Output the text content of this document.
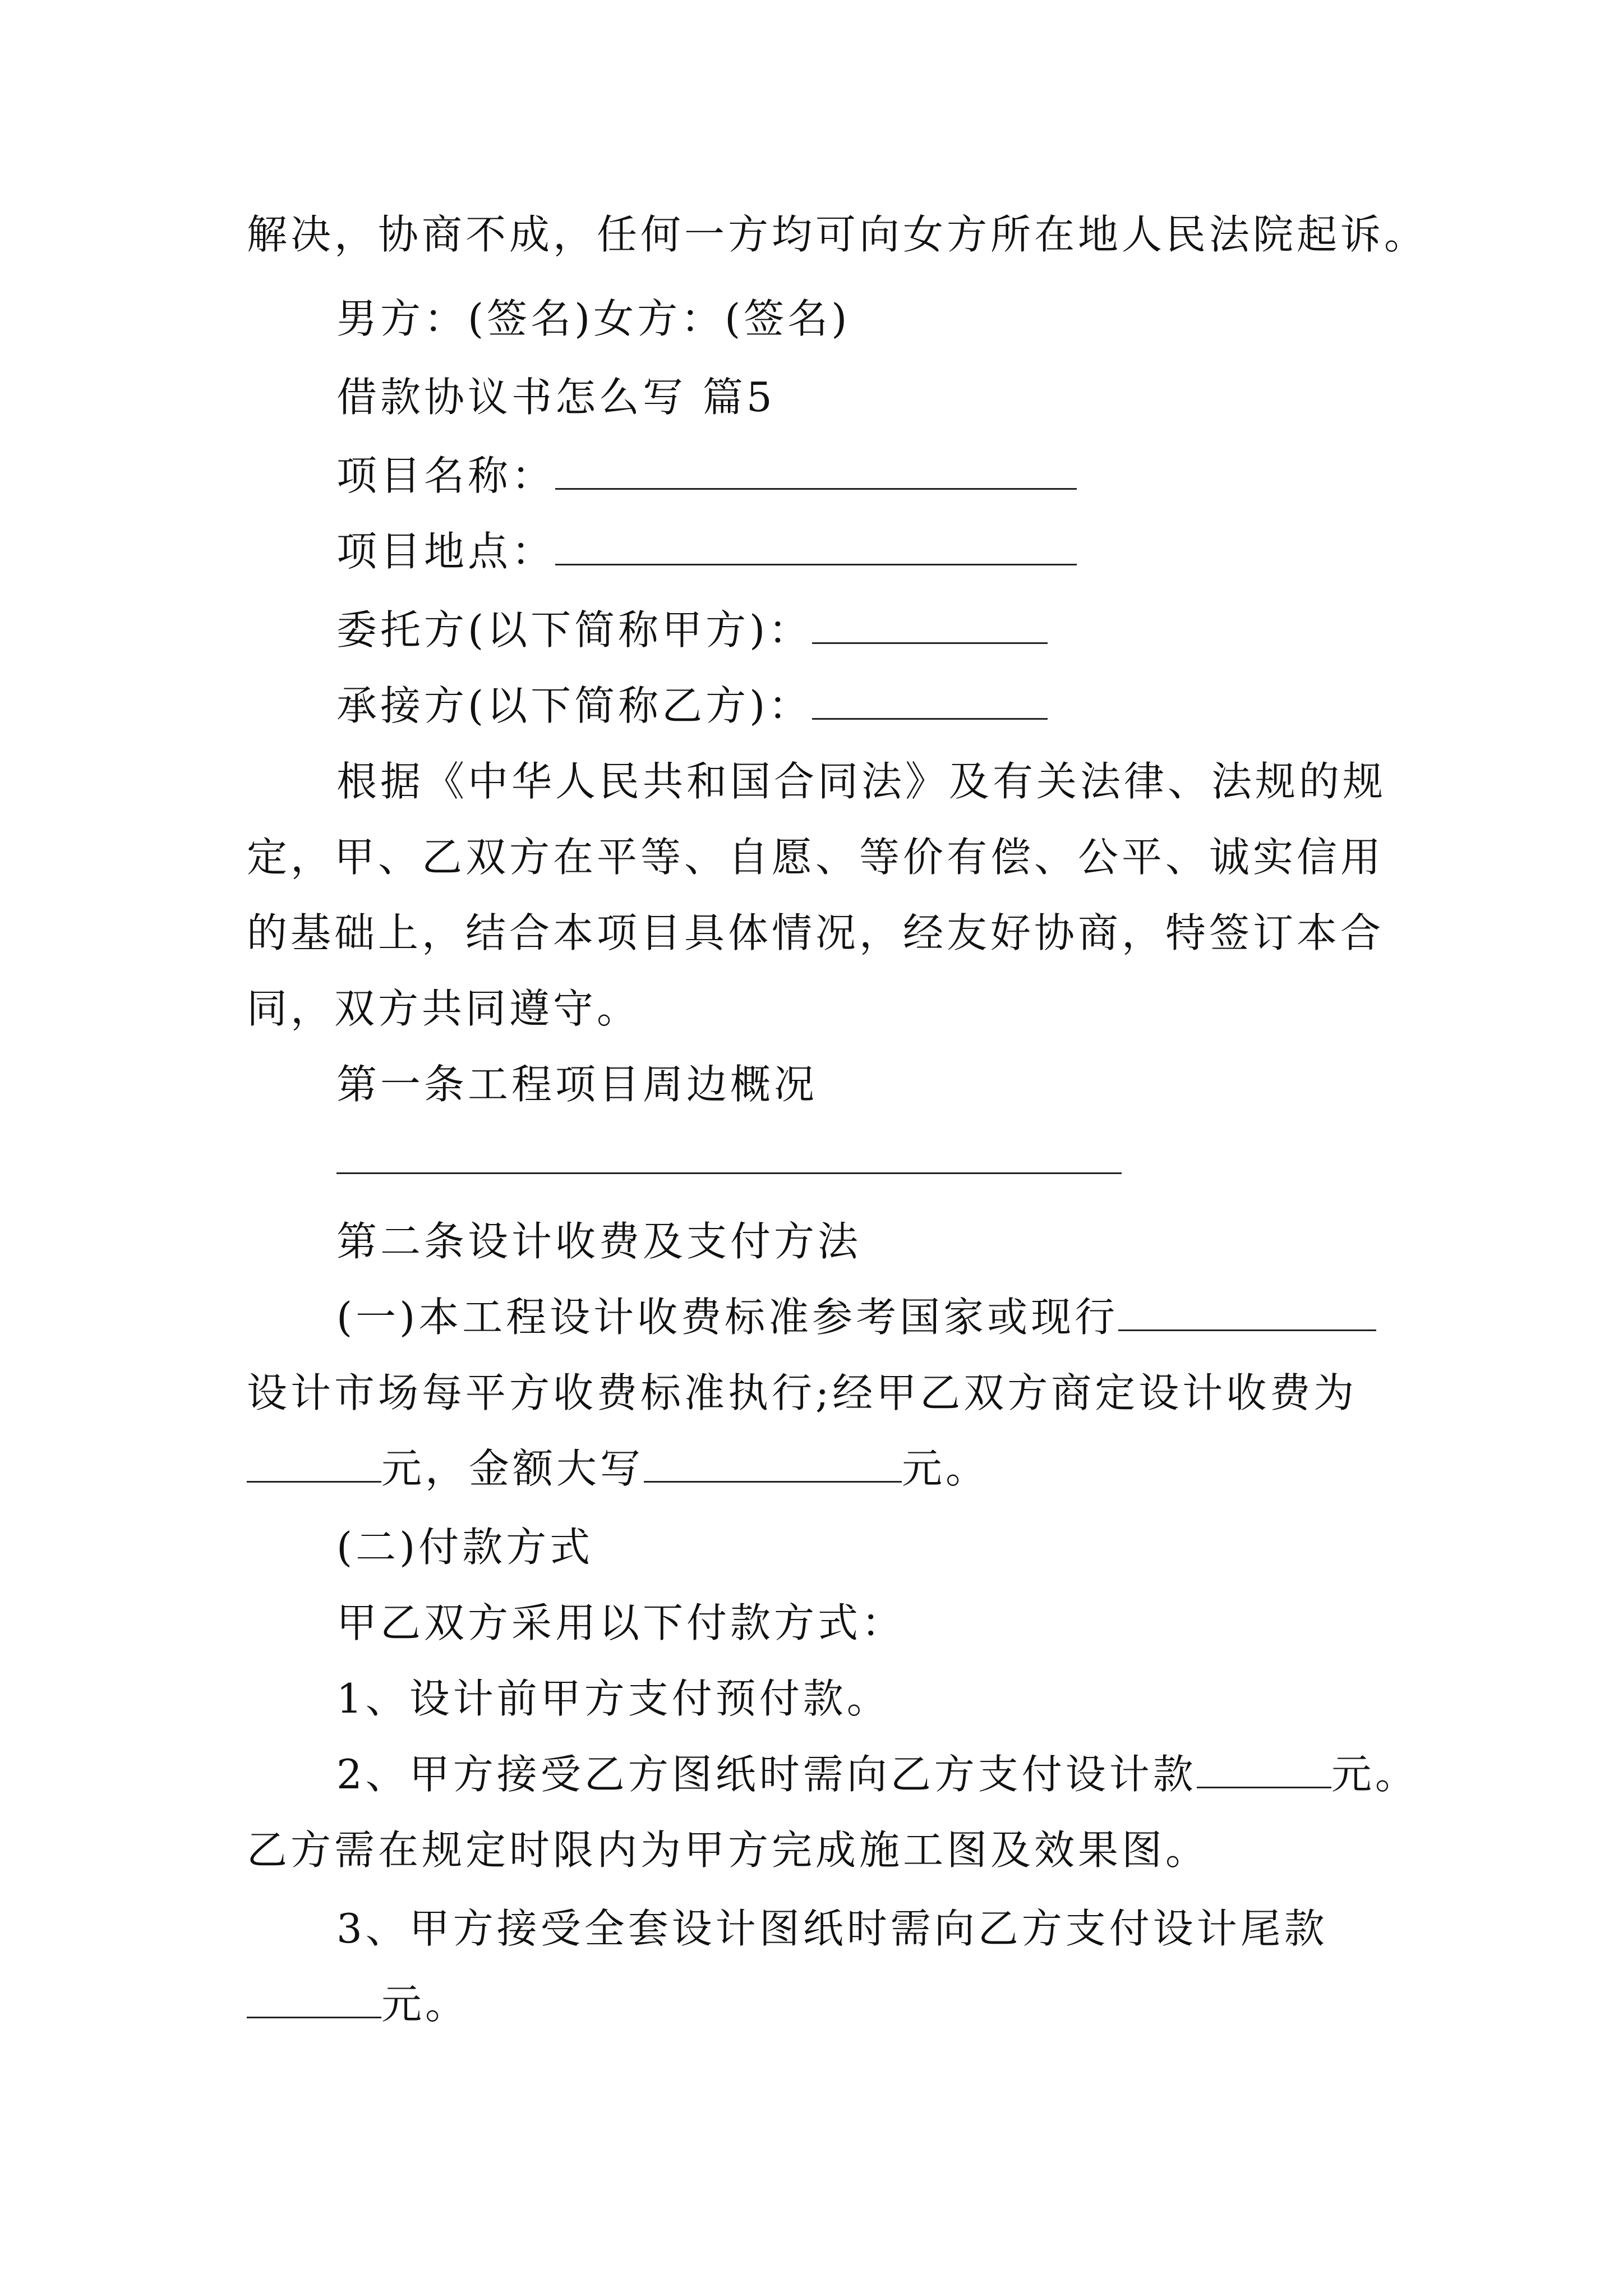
解决，协商不成，任何一方均可向女方所在地人民法院起诉。
男方：(签名)女方：(签名)
借款协议书怎么写 篇5
项目名称：
项目地点：
委托方(以下简称甲方)：
承接方(以下简称乙方)：
根据《中华人民共和国合同法》及有关法律、法规的规
定，甲、乙双方在平等、自愿、等价有偿、公平、诚实信用
的基础上，结合本项目具体情况，经友好协商，特签订本合
同，双方共同遵守。
第一条工程项目周边概况
第二条设计收费及支付方法
(一)本工程设计收费标准参考国家或现行
设计市场每平方收费标准执行;经甲乙双方商定设计收费为
元，金额大写	元。
(二)付款方式
甲乙双方采用以下付款方式：
1、设计前甲方支付预付款。
2、甲方接受乙方图纸时需向乙方支付设计款	元。
乙方需在规定时限内为甲方完成施工图及效果图。
3、甲方接受全套设计图纸时需向乙方支付设计尾款
元。
